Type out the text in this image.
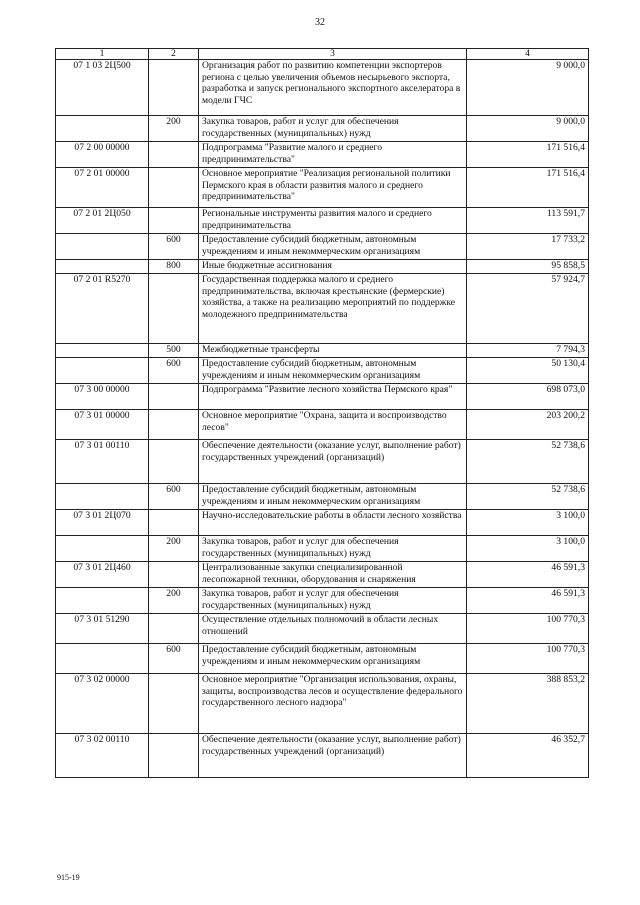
32
1	2	3	4
07 1 03 2Ц500		Организация работ по развитию компетенции экспортеров региона с целью увеличения объемов несырьевого экспорта, разработка и запуск регионального экспортного акселератора в модели ГЧС	9 000,0
	200	Закупка товаров, работ и услуг для обеспечения государственных (муниципальных) нужд	9 000,0
07 2 00 00000		Подпрограмма "Развитие малого и среднего предпринимательства"	171 516,4
07 2 01 00000		Основное мероприятие "Реализация региональной политики Пермского края в области развития малого и среднего предпринимательства"	171 516,4
07 2 01 2Ц050		Региональные инструменты развития малого и среднего предпринимательства	113 591,7
	600	Предоставление субсидий бюджетным, автономным учреждениям и иным некоммерческим организациям	17 733,2
	800	Иные бюджетные ассигнования	95 858,5
07 2 01 R5270		Государственная поддержка малого и среднего предпринимательства, включая крестьянские (фермерские) хозяйства, а также на реализацию мероприятий по поддержке молодежного предпринимательства	57 924,7
	500	Межбюджетные трансферты	7 794,3
	600	Предоставление субсидий бюджетным, автономным учреждениям и иным некоммерческим организациям	50 130,4
07 3 00 00000		Подпрограмма "Развитие лесного хозяйства Пермского края"	698 073,0
07 3 01 00000		Основное мероприятие "Охрана, защита и воспроизводство лесов"	203 200,2
07 3 01 00110		Обеспечение деятельности (оказание услуг, выполнение работ) государственных учреждений (организаций)	52 738,6
	600	Предоставление субсидий бюджетным, автономным учреждениям и иным некоммерческим организациям	52 738,6
07 3 01 2Ц070		Научно-исследовательские работы в области лесного хозяйства	3 100,0
	200	Закупка товаров, работ и услуг для обеспечения государственных (муниципальных) нужд	3 100,0
07 3 01 2Ц460		Централизованные закупки специализированной лесопожарной техники, оборудования и снаряжения	46 591,3
	200	Закупка товаров, работ и услуг для обеспечения государственных (муниципальных) нужд	46 591,3
07 3 01 51290		Осуществление отдельных полномочий в области лесных отношений	100 770,3
	600	Предоставление субсидий бюджетным, автономным учреждениям и иным некоммерческим организациям	100 770,3
07 3 02 00000		Основное мероприятие "Организация использования, охраны, защиты, воспроизводства лесов и осуществление федерального государственного лесного надзора"	388 853,2
07 3 02 00110		Обеспечение деятельности (оказание услуг, выполнение работ) государственных учреждений (организаций)	46 352,7
915-19
